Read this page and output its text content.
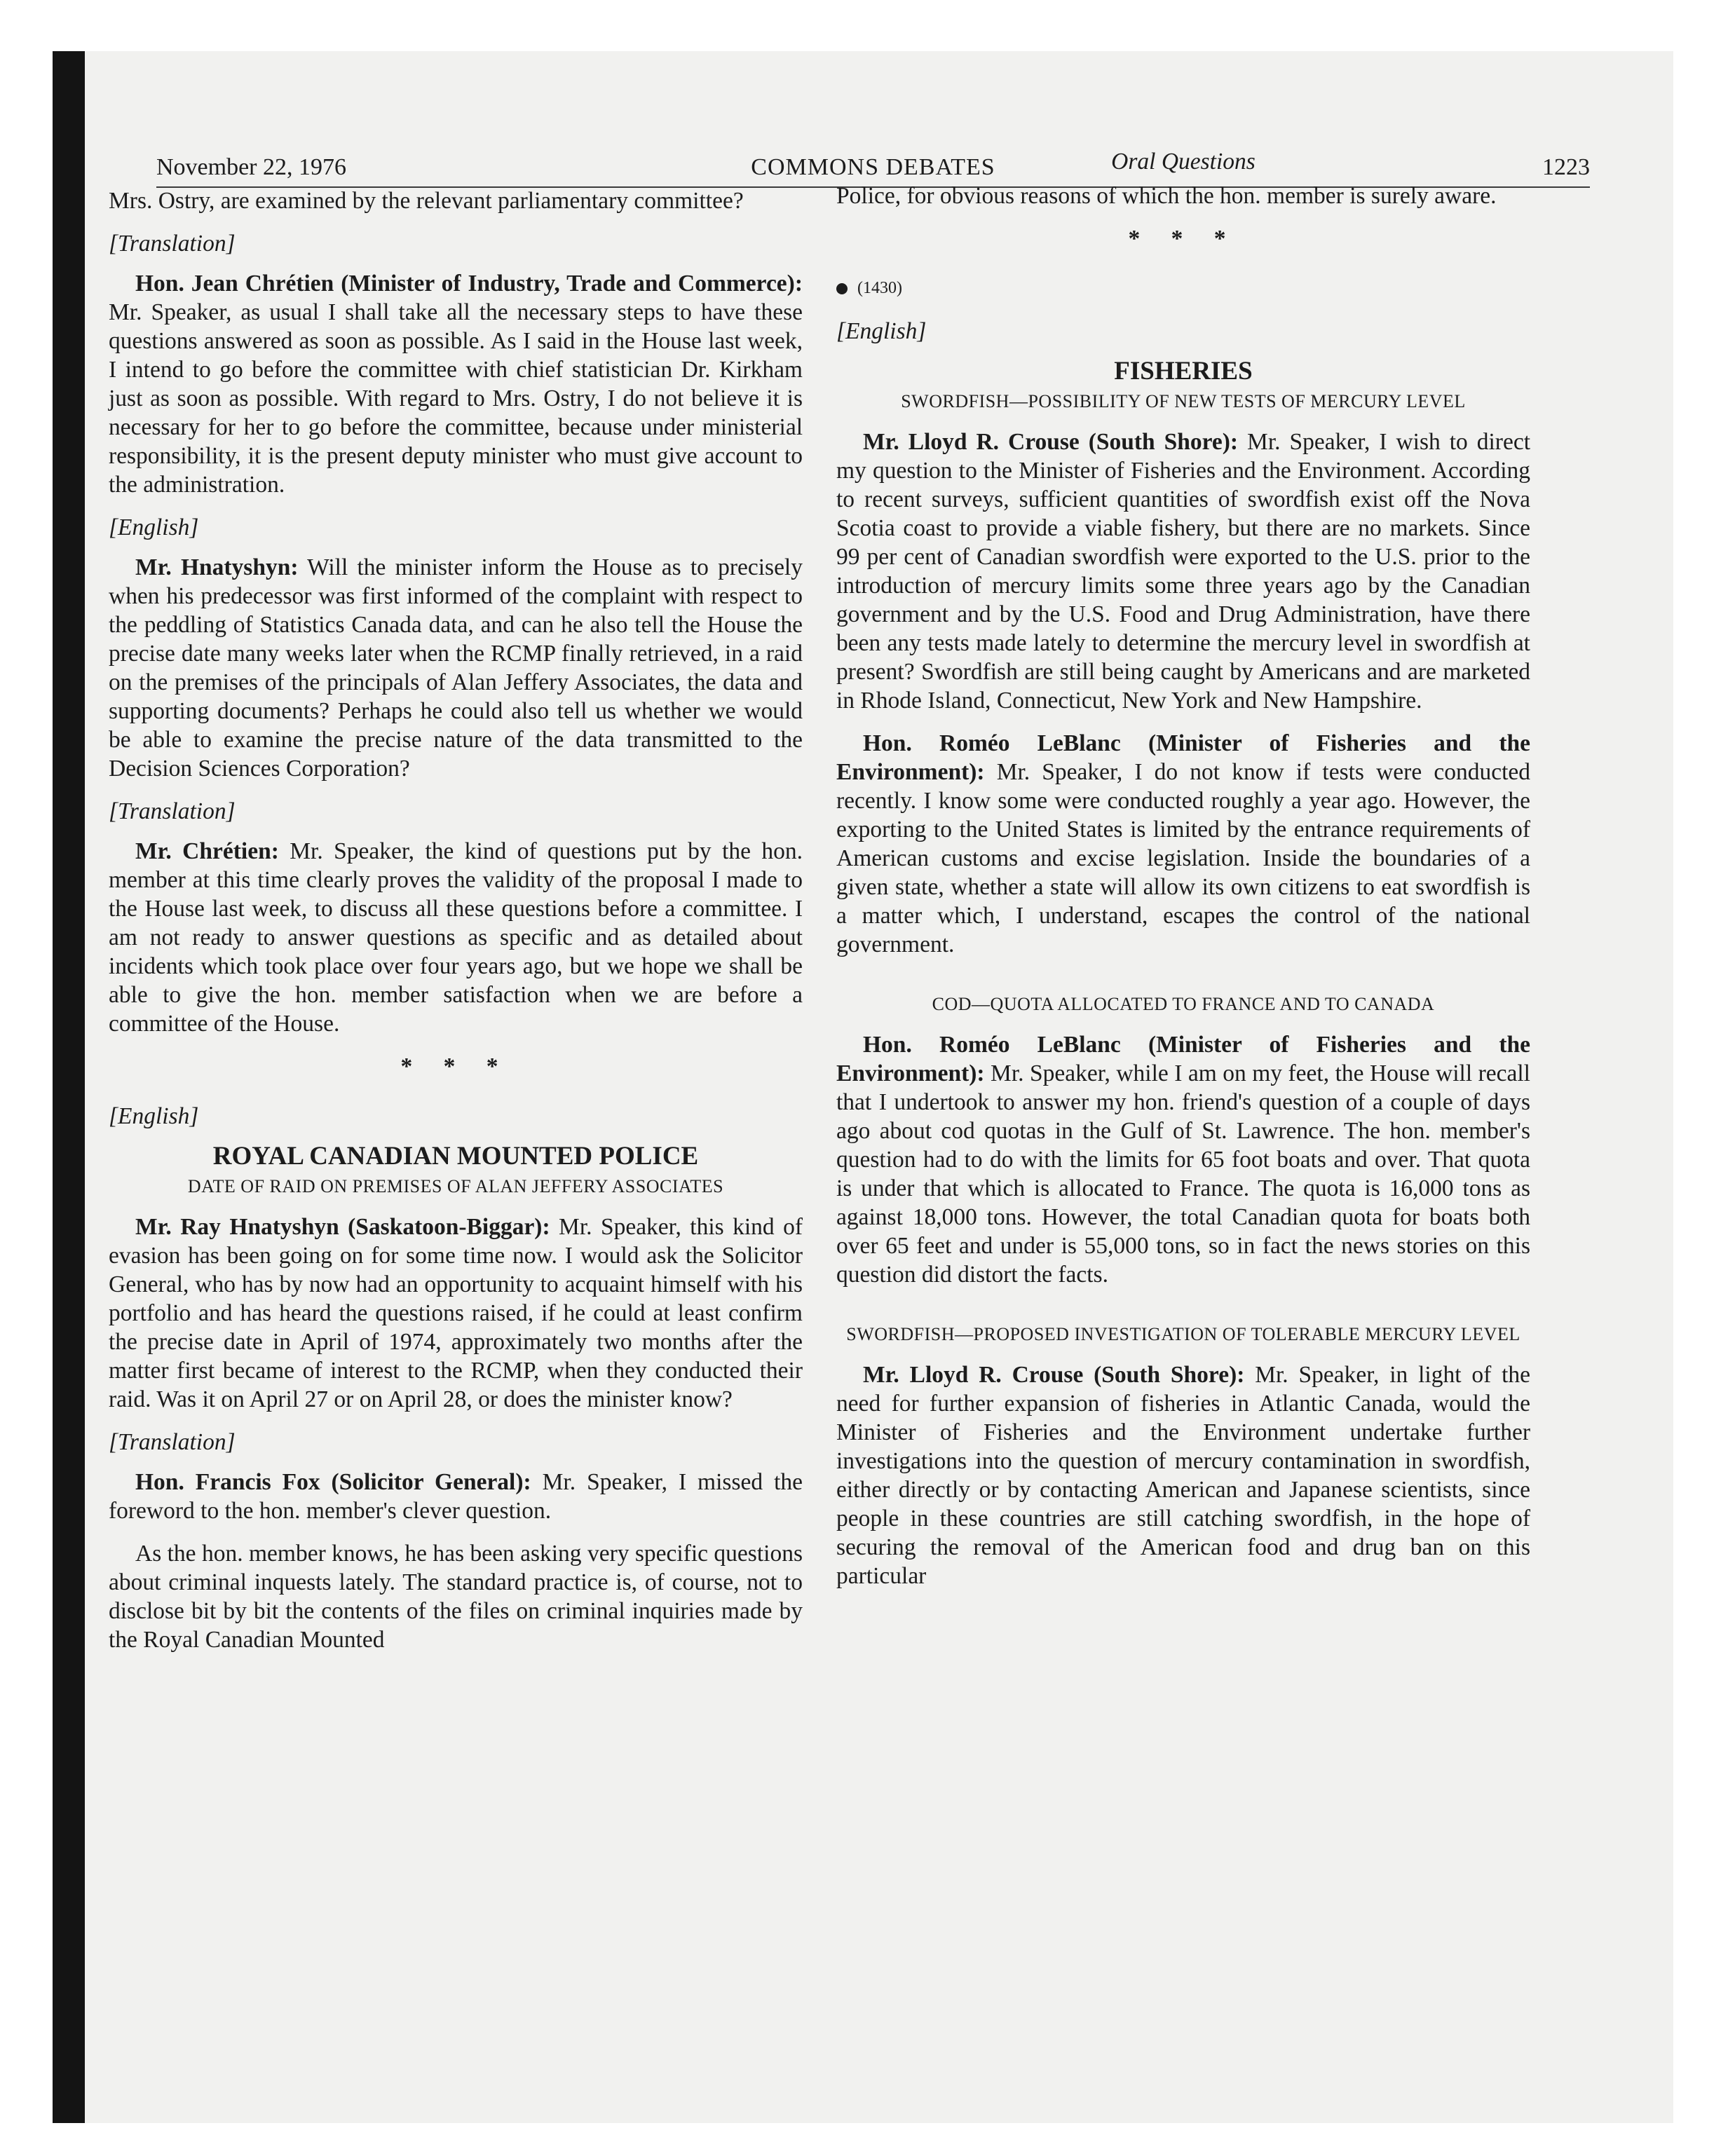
November 22, 1976	COMMONS DEBATES	1223

Mrs. Ostry, are examined by the relevant parliamentary committee?

[Translation]

Hon. Jean Chrétien (Minister of Industry, Trade and Commerce): Mr. Speaker, as usual I shall take all the necessary steps to have these questions answered as soon as possible. As I said in the House last week, I intend to go before the committee with chief statistician Dr. Kirkham just as soon as possible. With regard to Mrs. Ostry, I do not believe it is necessary for her to go before the committee, because under ministerial responsibility, it is the present deputy minister who must give account to the administration.

[English]

Mr. Hnatyshyn: Will the minister inform the House as to precisely when his predecessor was first informed of the complaint with respect to the peddling of Statistics Canada data, and can he also tell the House the precise date many weeks later when the RCMP finally retrieved, in a raid on the premises of the principals of Alan Jeffery Associates, the data and supporting documents? Perhaps he could also tell us whether we would be able to examine the precise nature of the data transmitted to the Decision Sciences Corporation?

[Translation]

Mr. Chrétien: Mr. Speaker, the kind of questions put by the hon. member at this time clearly proves the validity of the proposal I made to the House last week, to discuss all these questions before a committee. I am not ready to answer questions as specific and as detailed about incidents which took place over four years ago, but we hope we shall be able to give the hon. member satisfaction when we are before a committee of the House.

* * *

[English]

ROYAL CANADIAN MOUNTED POLICE

DATE OF RAID ON PREMISES OF ALAN JEFFERY ASSOCIATES

Mr. Ray Hnatyshyn (Saskatoon-Biggar): Mr. Speaker, this kind of evasion has been going on for some time now. I would ask the Solicitor General, who has by now had an opportunity to acquaint himself with his portfolio and has heard the questions raised, if he could at least confirm the precise date in April of 1974, approximately two months after the matter first became of interest to the RCMP, when they conducted their raid. Was it on April 27 or on April 28, or does the minister know?

[Translation]

Hon. Francis Fox (Solicitor General): Mr. Speaker, I missed the foreword to the hon. member's clever question.

As the hon. member knows, he has been asking very specific questions about criminal inquests lately. The standard practice is, of course, not to disclose bit by bit the contents of the files on criminal inquiries made by the Royal Canadian Mounted

Oral Questions

Police, for obvious reasons of which the hon. member is surely aware.

* * *

(1430)

[English]

FISHERIES

SWORDFISH—POSSIBILITY OF NEW TESTS OF MERCURY LEVEL

Mr. Lloyd R. Crouse (South Shore): Mr. Speaker, I wish to direct my question to the Minister of Fisheries and the Environment. According to recent surveys, sufficient quantities of swordfish exist off the Nova Scotia coast to provide a viable fishery, but there are no markets. Since 99 per cent of Canadian swordfish were exported to the U.S. prior to the introduction of mercury limits some three years ago by the Canadian government and by the U.S. Food and Drug Administration, have there been any tests made lately to determine the mercury level in swordfish at present? Swordfish are still being caught by Americans and are marketed in Rhode Island, Connecticut, New York and New Hampshire.

Hon. Roméo LeBlanc (Minister of Fisheries and the Environment): Mr. Speaker, I do not know if tests were conducted recently. I know some were conducted roughly a year ago. However, the exporting to the United States is limited by the entrance requirements of American customs and excise legislation. Inside the boundaries of a given state, whether a state will allow its own citizens to eat swordfish is a matter which, I understand, escapes the control of the national government.

COD—QUOTA ALLOCATED TO FRANCE AND TO CANADA

Hon. Roméo LeBlanc (Minister of Fisheries and the Environment): Mr. Speaker, while I am on my feet, the House will recall that I undertook to answer my hon. friend's question of a couple of days ago about cod quotas in the Gulf of St. Lawrence. The hon. member's question had to do with the limits for 65 foot boats and over. That quota is under that which is allocated to France. The quota is 16,000 tons as against 18,000 tons. However, the total Canadian quota for boats both over 65 feet and under is 55,000 tons, so in fact the news stories on this question did distort the facts.

SWORDFISH—PROPOSED INVESTIGATION OF TOLERABLE MERCURY LEVEL

Mr. Lloyd R. Crouse (South Shore): Mr. Speaker, in light of the need for further expansion of fisheries in Atlantic Canada, would the Minister of Fisheries and the Environment undertake further investigations into the question of mercury contamination in swordfish, either directly or by contacting American and Japanese scientists, since people in these countries are still catching swordfish, in the hope of securing the removal of the American food and drug ban on this particular
